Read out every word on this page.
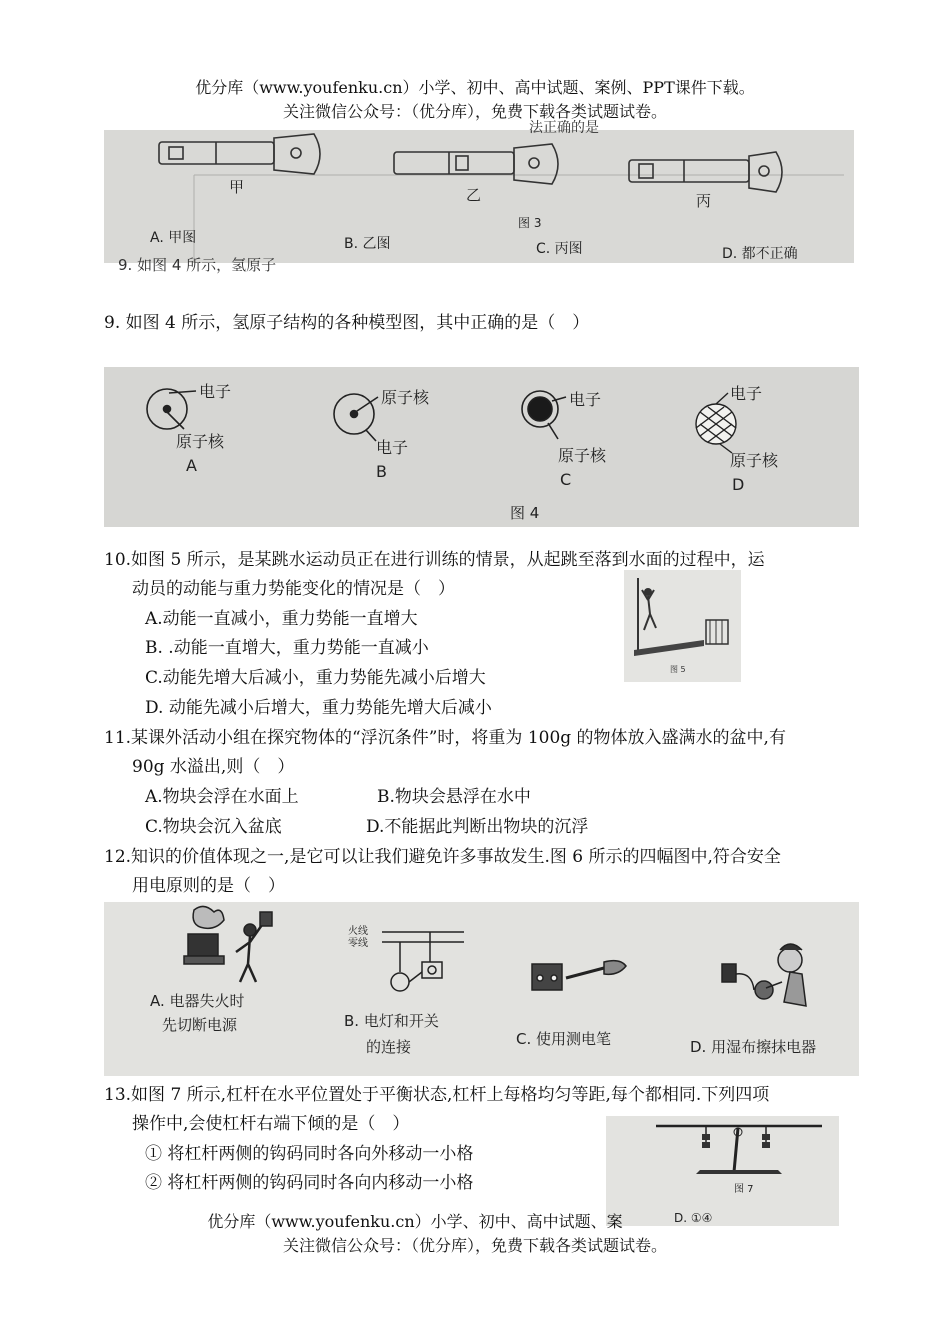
优分库（www.youfenku.cn）小学、初中、高中试题、案例、PPT课件下载。
关注微信公众号：（优分库），免费下载各类试题试卷。
法正确的是
甲	乙	丙
图 3
A. 甲图	B. 乙图	C. 丙图	D. 都不正确
9. 如图 4 所示，氢原子
9. 如图 4 所示，氢原子结构的各种模型图，其中正确的是（　）
电子
原子核
A
原子核
电子
B
电子
原子核
C
电子
原子核
D
图 4
10.如图 5 所示，是某跳水运动员正在进行训练的情景，从起跳至落到水面的过程中，运
动员的动能与重力势能变化的情况是（　）
A.动能一直减小，重力势能一直增大
B. .动能一直增大，重力势能一直减小
C.动能先增大后减小，重力势能先减小后增大
D. 动能先减小后增大，重力势能先增大后减小
图 5
11.某课外活动小组在探究物体的“浮沉条件”时，将重为 100g 的物体放入盛满水的盆中,有
90g 水溢出,则（　）
A.物块会浮在水面上	B.物块会悬浮在水中
C.物块会沉入盆底	D.不能据此判断出物块的沉浮
12.知识的价值体现之一,是它可以让我们避免许多事故发生.图 6 所示的四幅图中,符合安全
用电原则的是（　）
A. 电器失火时
先切断电源
火线
零线
B. 电灯和开关
的连接	C. 使用测电笔	D. 用湿布擦抹电器
13.如图 7 所示,杠杆在水平位置处于平衡状态,杠杆上每格均匀等距,每个都相同.下列四项
操作中,会使杠杆右端下倾的是（　）
① 将杠杆两侧的钩码同时各向外移动一小格
② 将杠杆两侧的钩码同时各向内移动一小格	图 7
D. ①④
优分库（www.youfenku.cn）小学、初中、高中试题、案
关注微信公众号：（优分库），免费下载各类试题试卷。
